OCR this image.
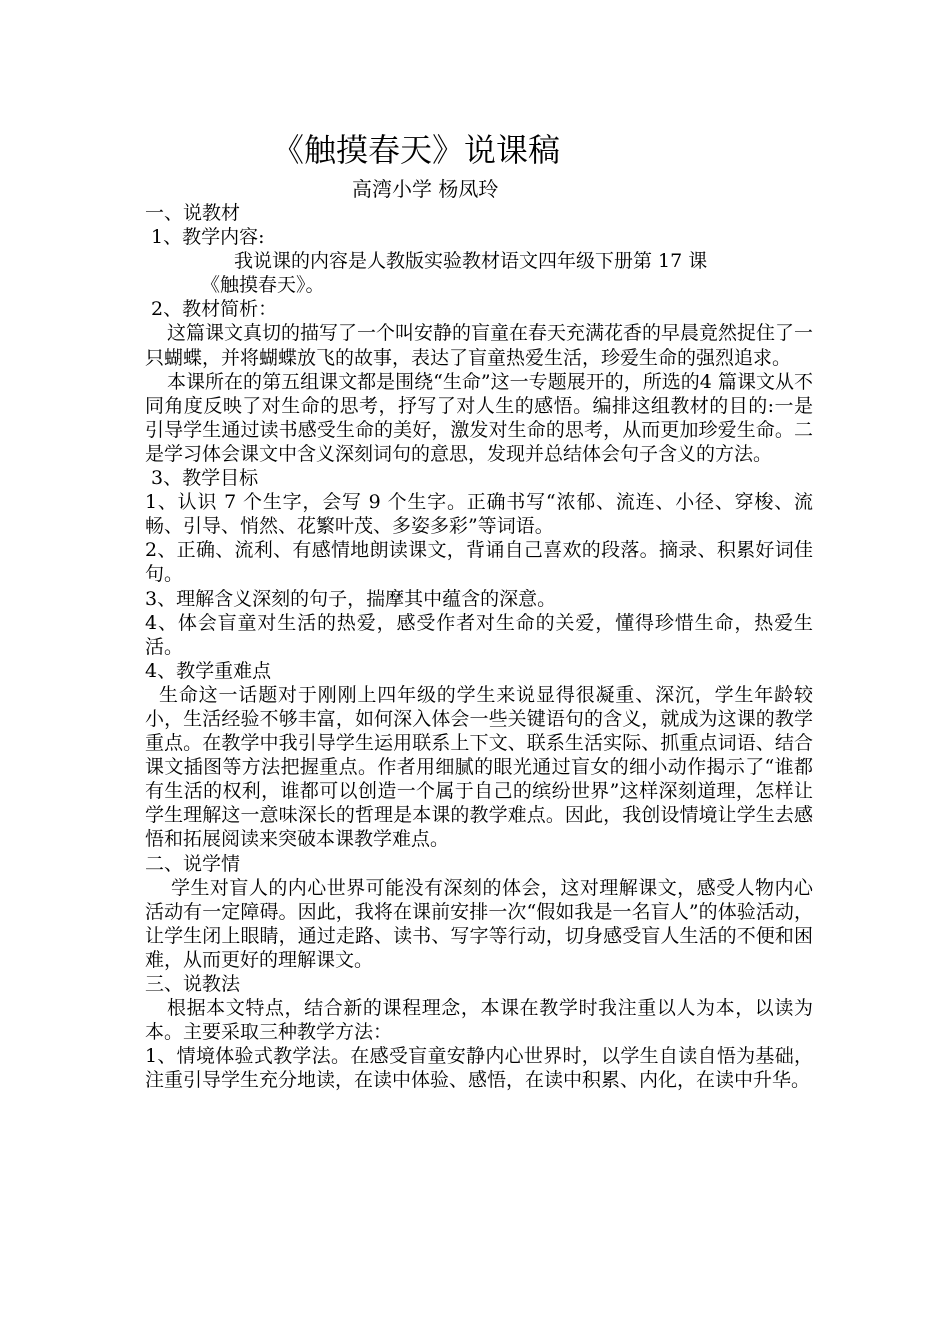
《触摸春天》说课稿
高湾小学 杨凤玲

一、说教材

1、教学内容:

我说课的内容是人教版实验教材语文四年级下册第 17 课

《触摸春天》。

2、教材简析：

这篇课文真切的描写了一个叫安静的盲童在春天充满花香的早晨竟然捉住了一只蝴蝶，并将蝴蝶放飞的故事，表达了盲童热爱生活，珍爱生命的强烈追求。

本课所在的第五组课文都是围绕“生命”这一专题展开的，所选的4 篇课文从不同角度反映了对生命的思考，抒写了对人生的感悟。编排这组教材的目的:一是引导学生通过读书感受生命的美好，激发对生命的思考，从而更加珍爱生命。二是学习体会课文中含义深刻词句的意思，发现并总结体会句子含义的方法。

3、教学目标

1、认识 7 个生字，会写 9 个生字。正确书写“浓郁、流连、小径、穿梭、流畅、引导、悄然、花繁叶茂、多姿多彩”等词语。

2、正确、流利、有感情地朗读课文，背诵自己喜欢的段落。摘录、积累好词佳句。

3、理解含义深刻的句子，揣摩其中蕴含的深意。

4、体会盲童对生活的热爱，感受作者对生命的关爱，懂得珍惜生命，热爱生活。

4、教学重难点

生命这一话题对于刚刚上四年级的学生来说显得很凝重、深沉，学生年龄较小，生活经验不够丰富，如何深入体会一些关键语句的含义，就成为这课的教学重点。在教学中我引导学生运用联系上下文、联系生活实际、抓重点词语、结合课文插图等方法把握重点。作者用细腻的眼光通过盲女的细小动作揭示了“谁都有生活的权利，谁都可以创造一个属于自己的缤纷世界”这样深刻道理，怎样让学生理解这一意味深长的哲理是本课的教学难点。因此，我创设情境让学生去感悟和拓展阅读来突破本课教学难点。

二、说学情

学生对盲人的内心世界可能没有深刻的体会，这对理解课文，感受人物内心活动有一定障碍。因此，我将在课前安排一次“假如我是一名盲人”的体验活动，让学生闭上眼睛，通过走路、读书、写字等行动，切身感受盲人生活的不便和困难，从而更好的理解课文。

三、说教法

根据本文特点，结合新的课程理念，本课在教学时我注重以人为本，以读为本。主要采取三种教学方法：

1、情境体验式教学法。在感受盲童安静内心世界时，以学生自读自悟为基础，注重引导学生充分地读，在读中体验、感悟，在读中积累、内化，在读中升华。
